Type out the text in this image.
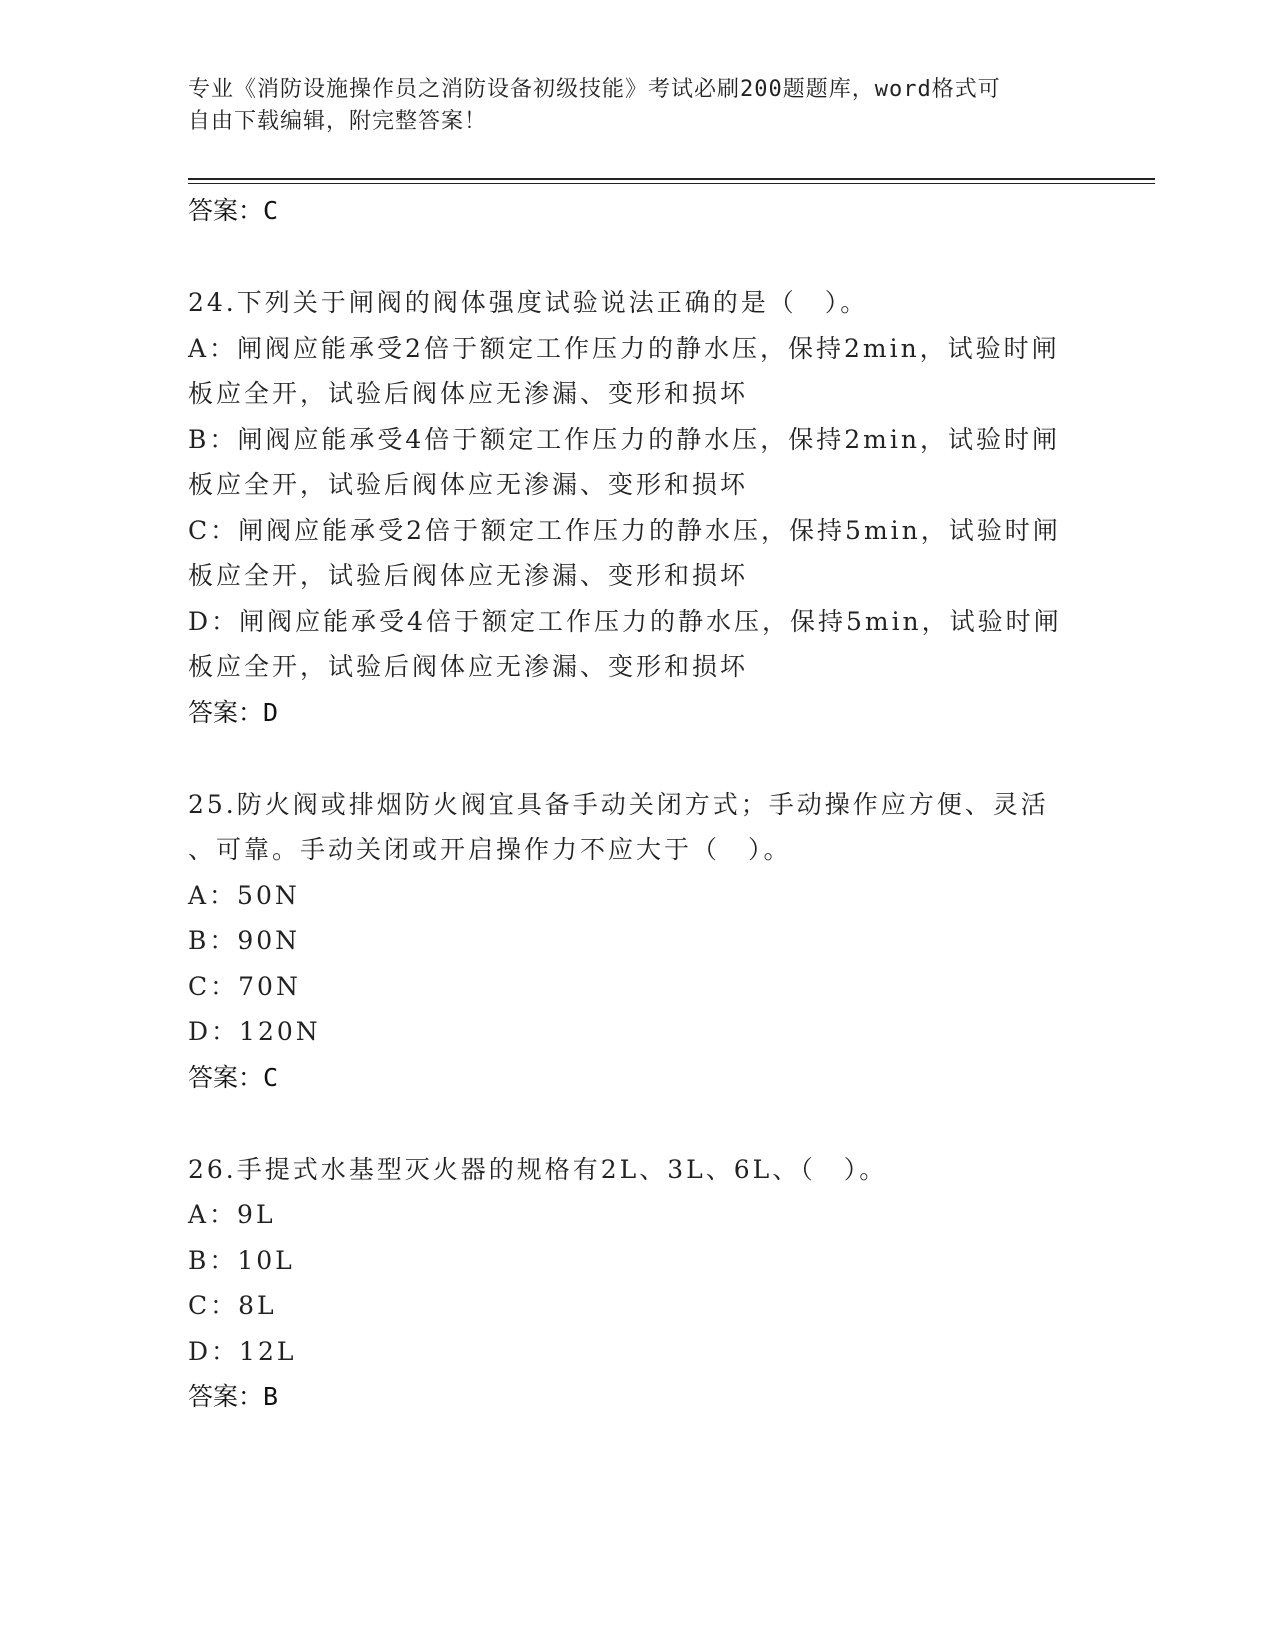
专业《消防设施操作员之消防设备初级技能》考试必刷200题题库，word格式可
自由下载编辑，附完整答案！
答案：C
24.下列关于闸阀的阀体强度试验说法正确的是（　）。
A：闸阀应能承受2倍于额定工作压力的静水压，保持2min，试验时闸
板应全开，试验后阀体应无渗漏、变形和损坏
B：闸阀应能承受4倍于额定工作压力的静水压，保持2min，试验时闸
板应全开，试验后阀体应无渗漏、变形和损坏
C：闸阀应能承受2倍于额定工作压力的静水压，保持5min，试验时闸
板应全开，试验后阀体应无渗漏、变形和损坏
D：闸阀应能承受4倍于额定工作压力的静水压，保持5min，试验时闸
板应全开，试验后阀体应无渗漏、变形和损坏
答案：D
25.防火阀或排烟防火阀宜具备手动关闭方式；手动操作应方便、灵活
、可靠。手动关闭或开启操作力不应大于（　）。
A：50N
B：90N
C：70N
D：120N
答案：C
26.手提式水基型灭火器的规格有2L、3L、6L、（　）。
A：9L
B：10L
C：8L
D：12L
答案：B
